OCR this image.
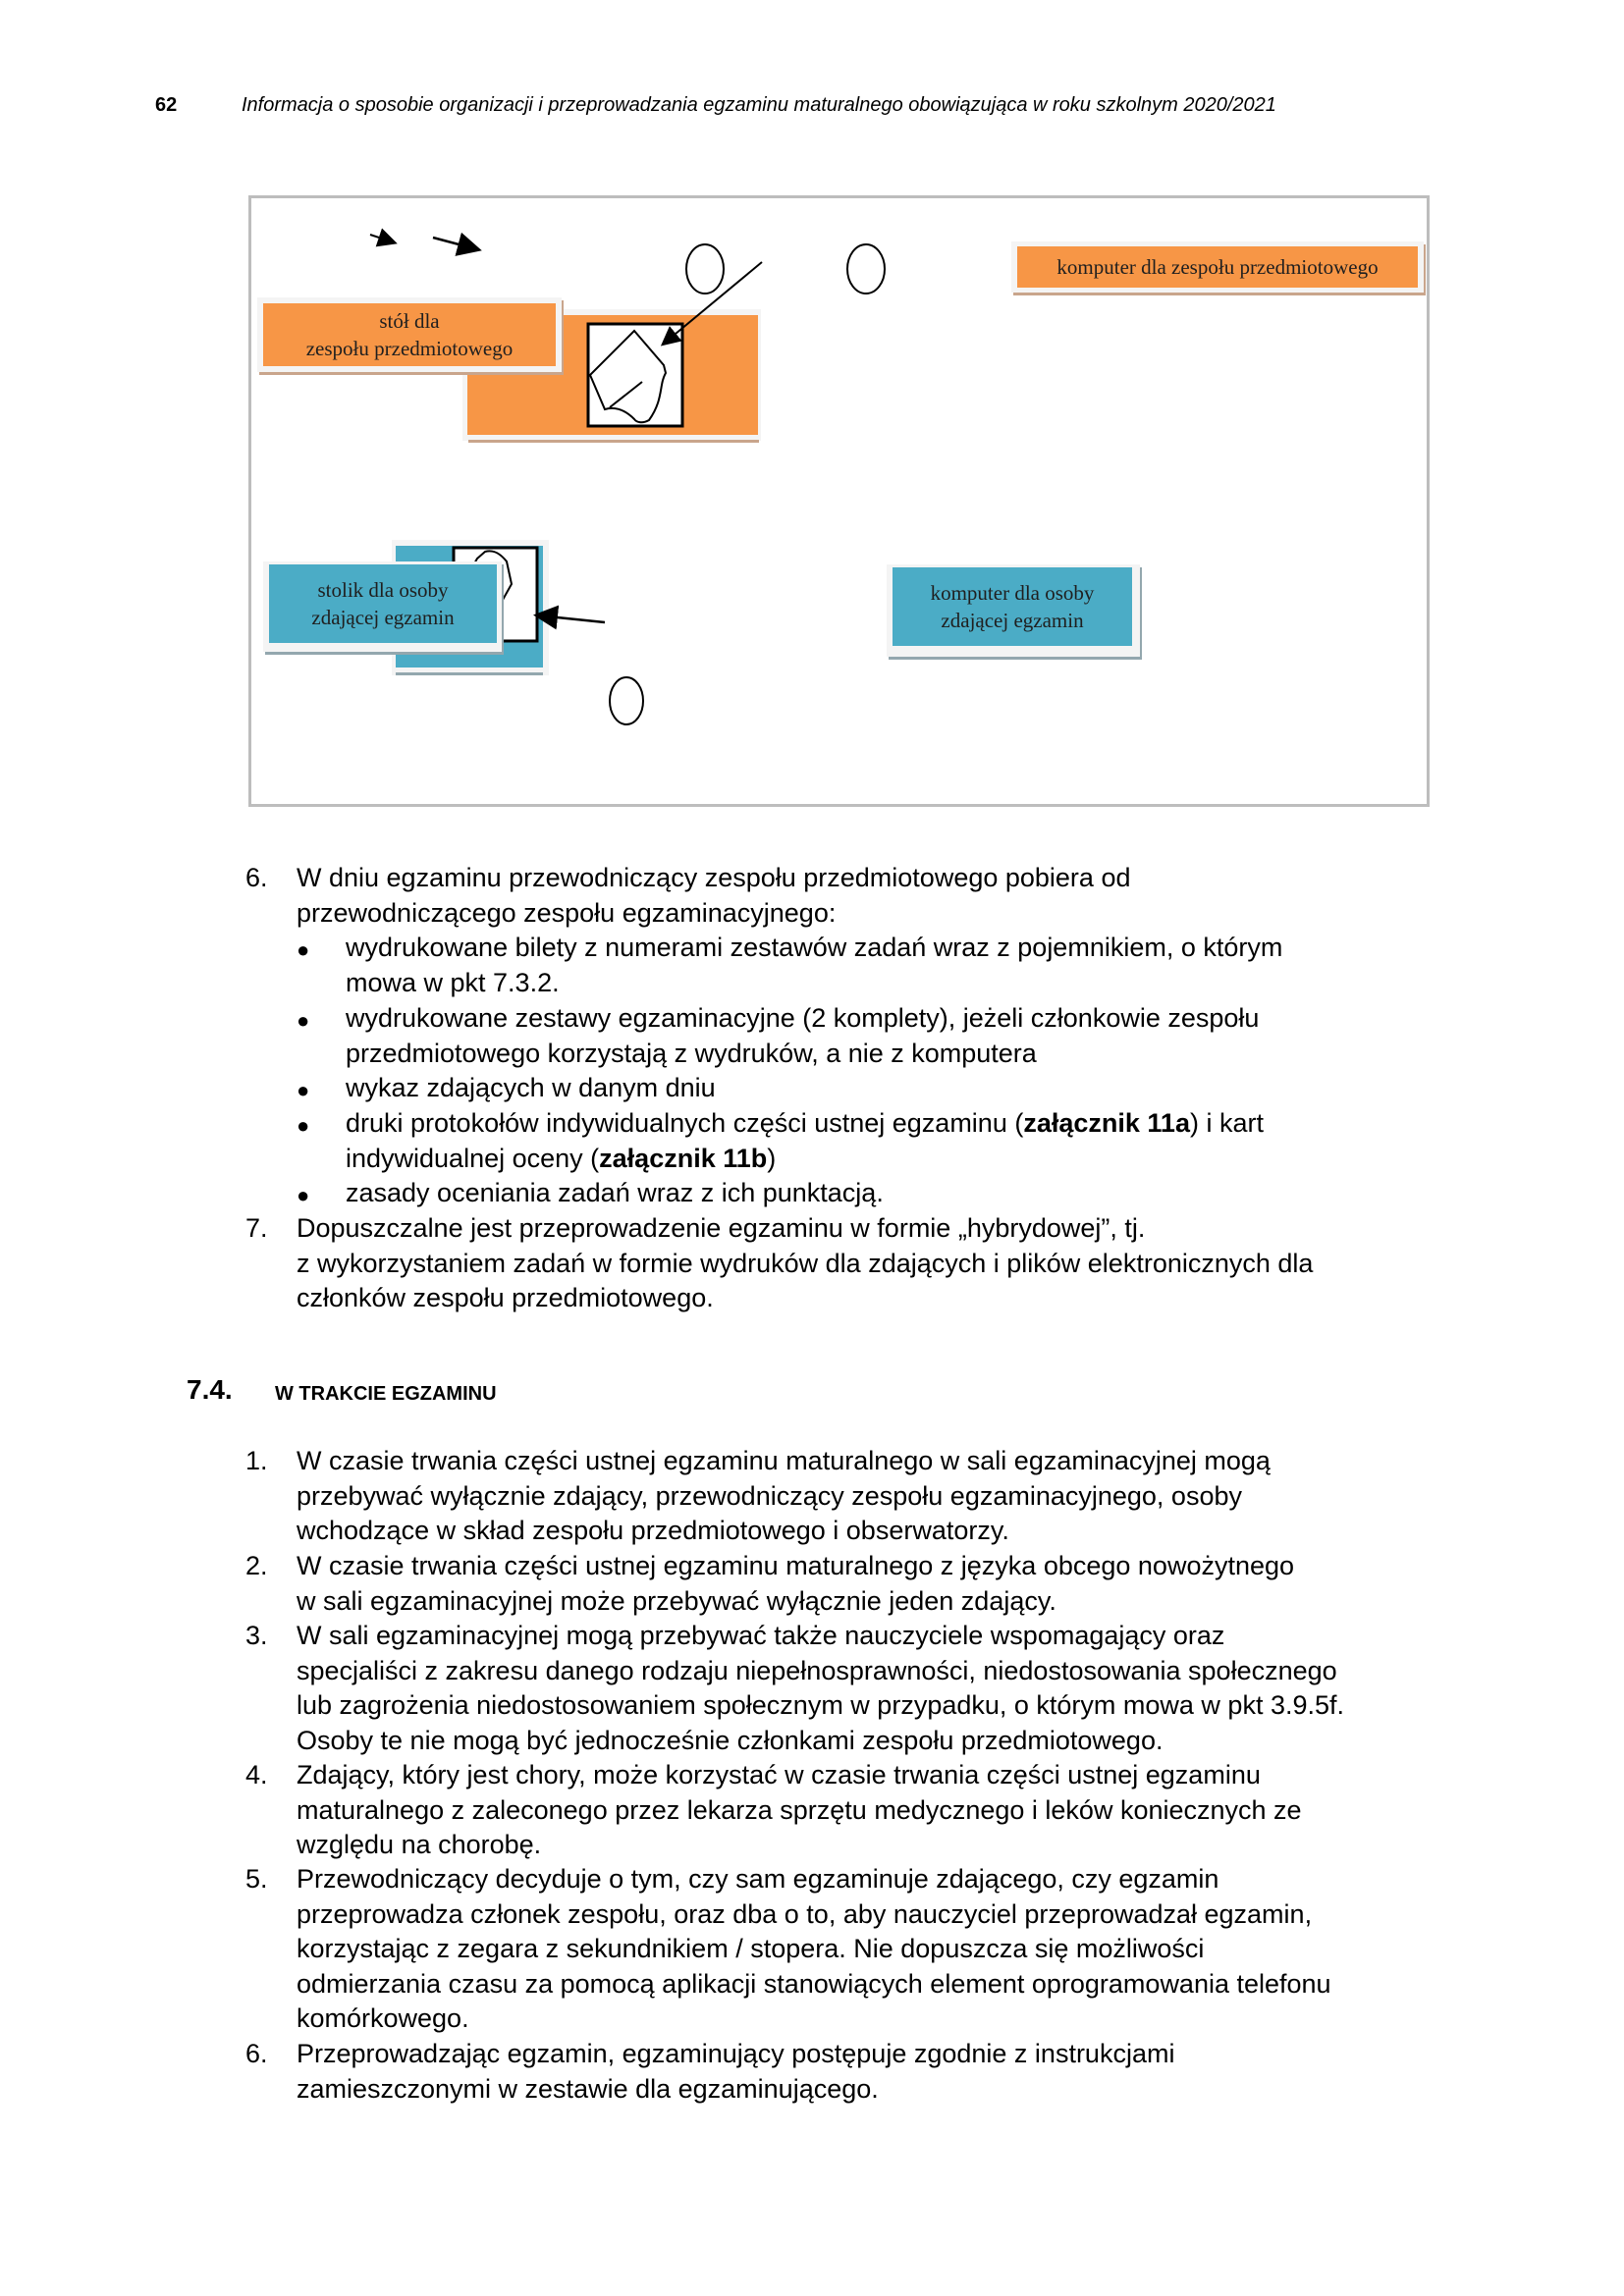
62	Informacja o sposobie organizacji i przeprowadzania egzaminu maturalnego obowiązująca w roku szkolnym 2020/2021
stół dla
zespołu przedmiotowego
komputer dla zespołu przedmiotowego
stolik dla osoby
zdającej egzamin
komputer dla osoby
zdającej egzamin
6. W dniu egzaminu przewodniczący zespołu przedmiotowego pobiera od
przewodniczącego zespołu egzaminacyjnego:
● wydrukowane bilety z numerami zestawów zadań wraz z pojemnikiem, o którym
mowa w pkt 7.3.2.
● wydrukowane zestawy egzaminacyjne (2 komplety), jeżeli członkowie zespołu
przedmiotowego korzystają z wydruków, a nie z komputera
● wykaz zdających w danym dniu
● druki protokołów indywidualnych części ustnej egzaminu (załącznik 11a) i kart
indywidualnej oceny (załącznik 11b)
● zasady oceniania zadań wraz z ich punktacją.
7. Dopuszczalne jest przeprowadzenie egzaminu w formie „hybrydowej”, tj.
z wykorzystaniem zadań w formie wydruków dla zdających i plików elektronicznych dla
członków zespołu przedmiotowego.
7.4. W TRAKCIE EGZAMINU
1. W czasie trwania części ustnej egzaminu maturalnego w sali egzaminacyjnej mogą
przebywać wyłącznie zdający, przewodniczący zespołu egzaminacyjnego, osoby
wchodzące w skład zespołu przedmiotowego i obserwatorzy.
2. W czasie trwania części ustnej egzaminu maturalnego z języka obcego nowożytnego
w sali egzaminacyjnej może przebywać wyłącznie jeden zdający.
3. W sali egzaminacyjnej mogą przebywać także nauczyciele wspomagający oraz
specjaliści z zakresu danego rodzaju niepełnosprawności, niedostosowania społecznego
lub zagrożenia niedostosowaniem społecznym w przypadku, o którym mowa w pkt 3.9.5f.
Osoby te nie mogą być jednocześnie członkami zespołu przedmiotowego.
4. Zdający, który jest chory, może korzystać w czasie trwania części ustnej egzaminu
maturalnego z zaleconego przez lekarza sprzętu medycznego i leków koniecznych ze
względu na chorobę.
5. Przewodniczący decyduje o tym, czy sam egzaminuje zdającego, czy egzamin
przeprowadza członek zespołu, oraz dba o to, aby nauczyciel przeprowadzał egzamin,
korzystając z zegara z sekundnikiem / stopera. Nie dopuszcza się możliwości
odmierzania czasu za pomocą aplikacji stanowiących element oprogramowania telefonu
komórkowego.
6. Przeprowadzając egzamin, egzaminujący postępuje zgodnie z instrukcjami
zamieszczonymi w zestawie dla egzaminującego.
